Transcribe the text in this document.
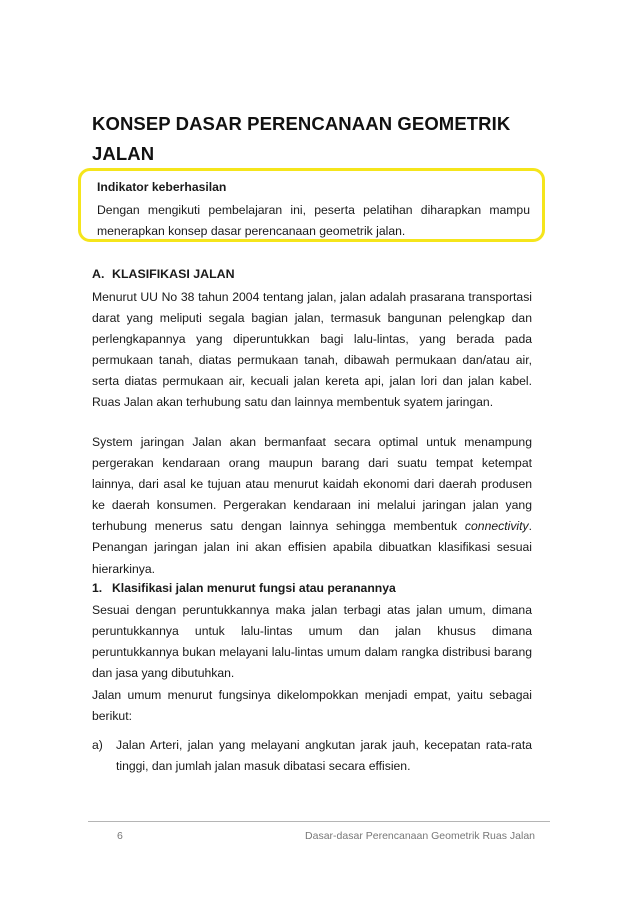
KONSEP DASAR PERENCANAAN GEOMETRIK JALAN
Indikator keberhasilan
Dengan mengikuti pembelajaran ini, peserta pelatihan diharapkan mampu menerapkan konsep dasar perencanaan geometrik jalan.
A. KLASIFIKASI JALAN

Menurut UU No 38 tahun 2004 tentang jalan, jalan adalah prasarana transportasi darat yang meliputi segala bagian jalan, termasuk bangunan pelengkap dan perlengkapannya yang diperuntukkan bagi lalu-lintas, yang berada pada permukaan tanah, diatas permukaan tanah, dibawah permukaan dan/atau air, serta diatas permukaan air, kecuali jalan kereta api, jalan lori dan jalan kabel. Ruas Jalan akan terhubung satu dan lainnya membentuk syatem jaringan.

System jaringan Jalan akan bermanfaat secara optimal untuk menampung pergerakan kendaraan orang maupun barang dari suatu tempat ketempat lainnya, dari asal ke tujuan atau menurut kaidah ekonomi dari daerah produsen ke daerah konsumen. Pergerakan kendaraan ini melalui jaringan jalan yang terhubung menerus satu dengan lainnya sehingga membentuk connectivity. Penangan jaringan jalan ini akan effisien apabila dibuatkan klasifikasi sesuai hierarkinya.

1. Klasifikasi jalan menurut fungsi atau peranannya

Sesuai dengan peruntukkannya maka jalan terbagi atas jalan umum, dimana peruntukkannya untuk lalu-lintas umum dan jalan khusus dimana peruntukkannya bukan melayani lalu-lintas umum dalam rangka distribusi barang dan jasa yang dibutuhkan.

Jalan umum menurut fungsinya dikelompokkan menjadi empat, yaitu sebagai berikut:

a) Jalan Arteri, jalan yang melayani angkutan jarak jauh, kecepatan rata-rata tinggi, dan jumlah jalan masuk dibatasi secara effisien.

6	Dasar-dasar Perencanaan Geometrik Ruas Jalan
